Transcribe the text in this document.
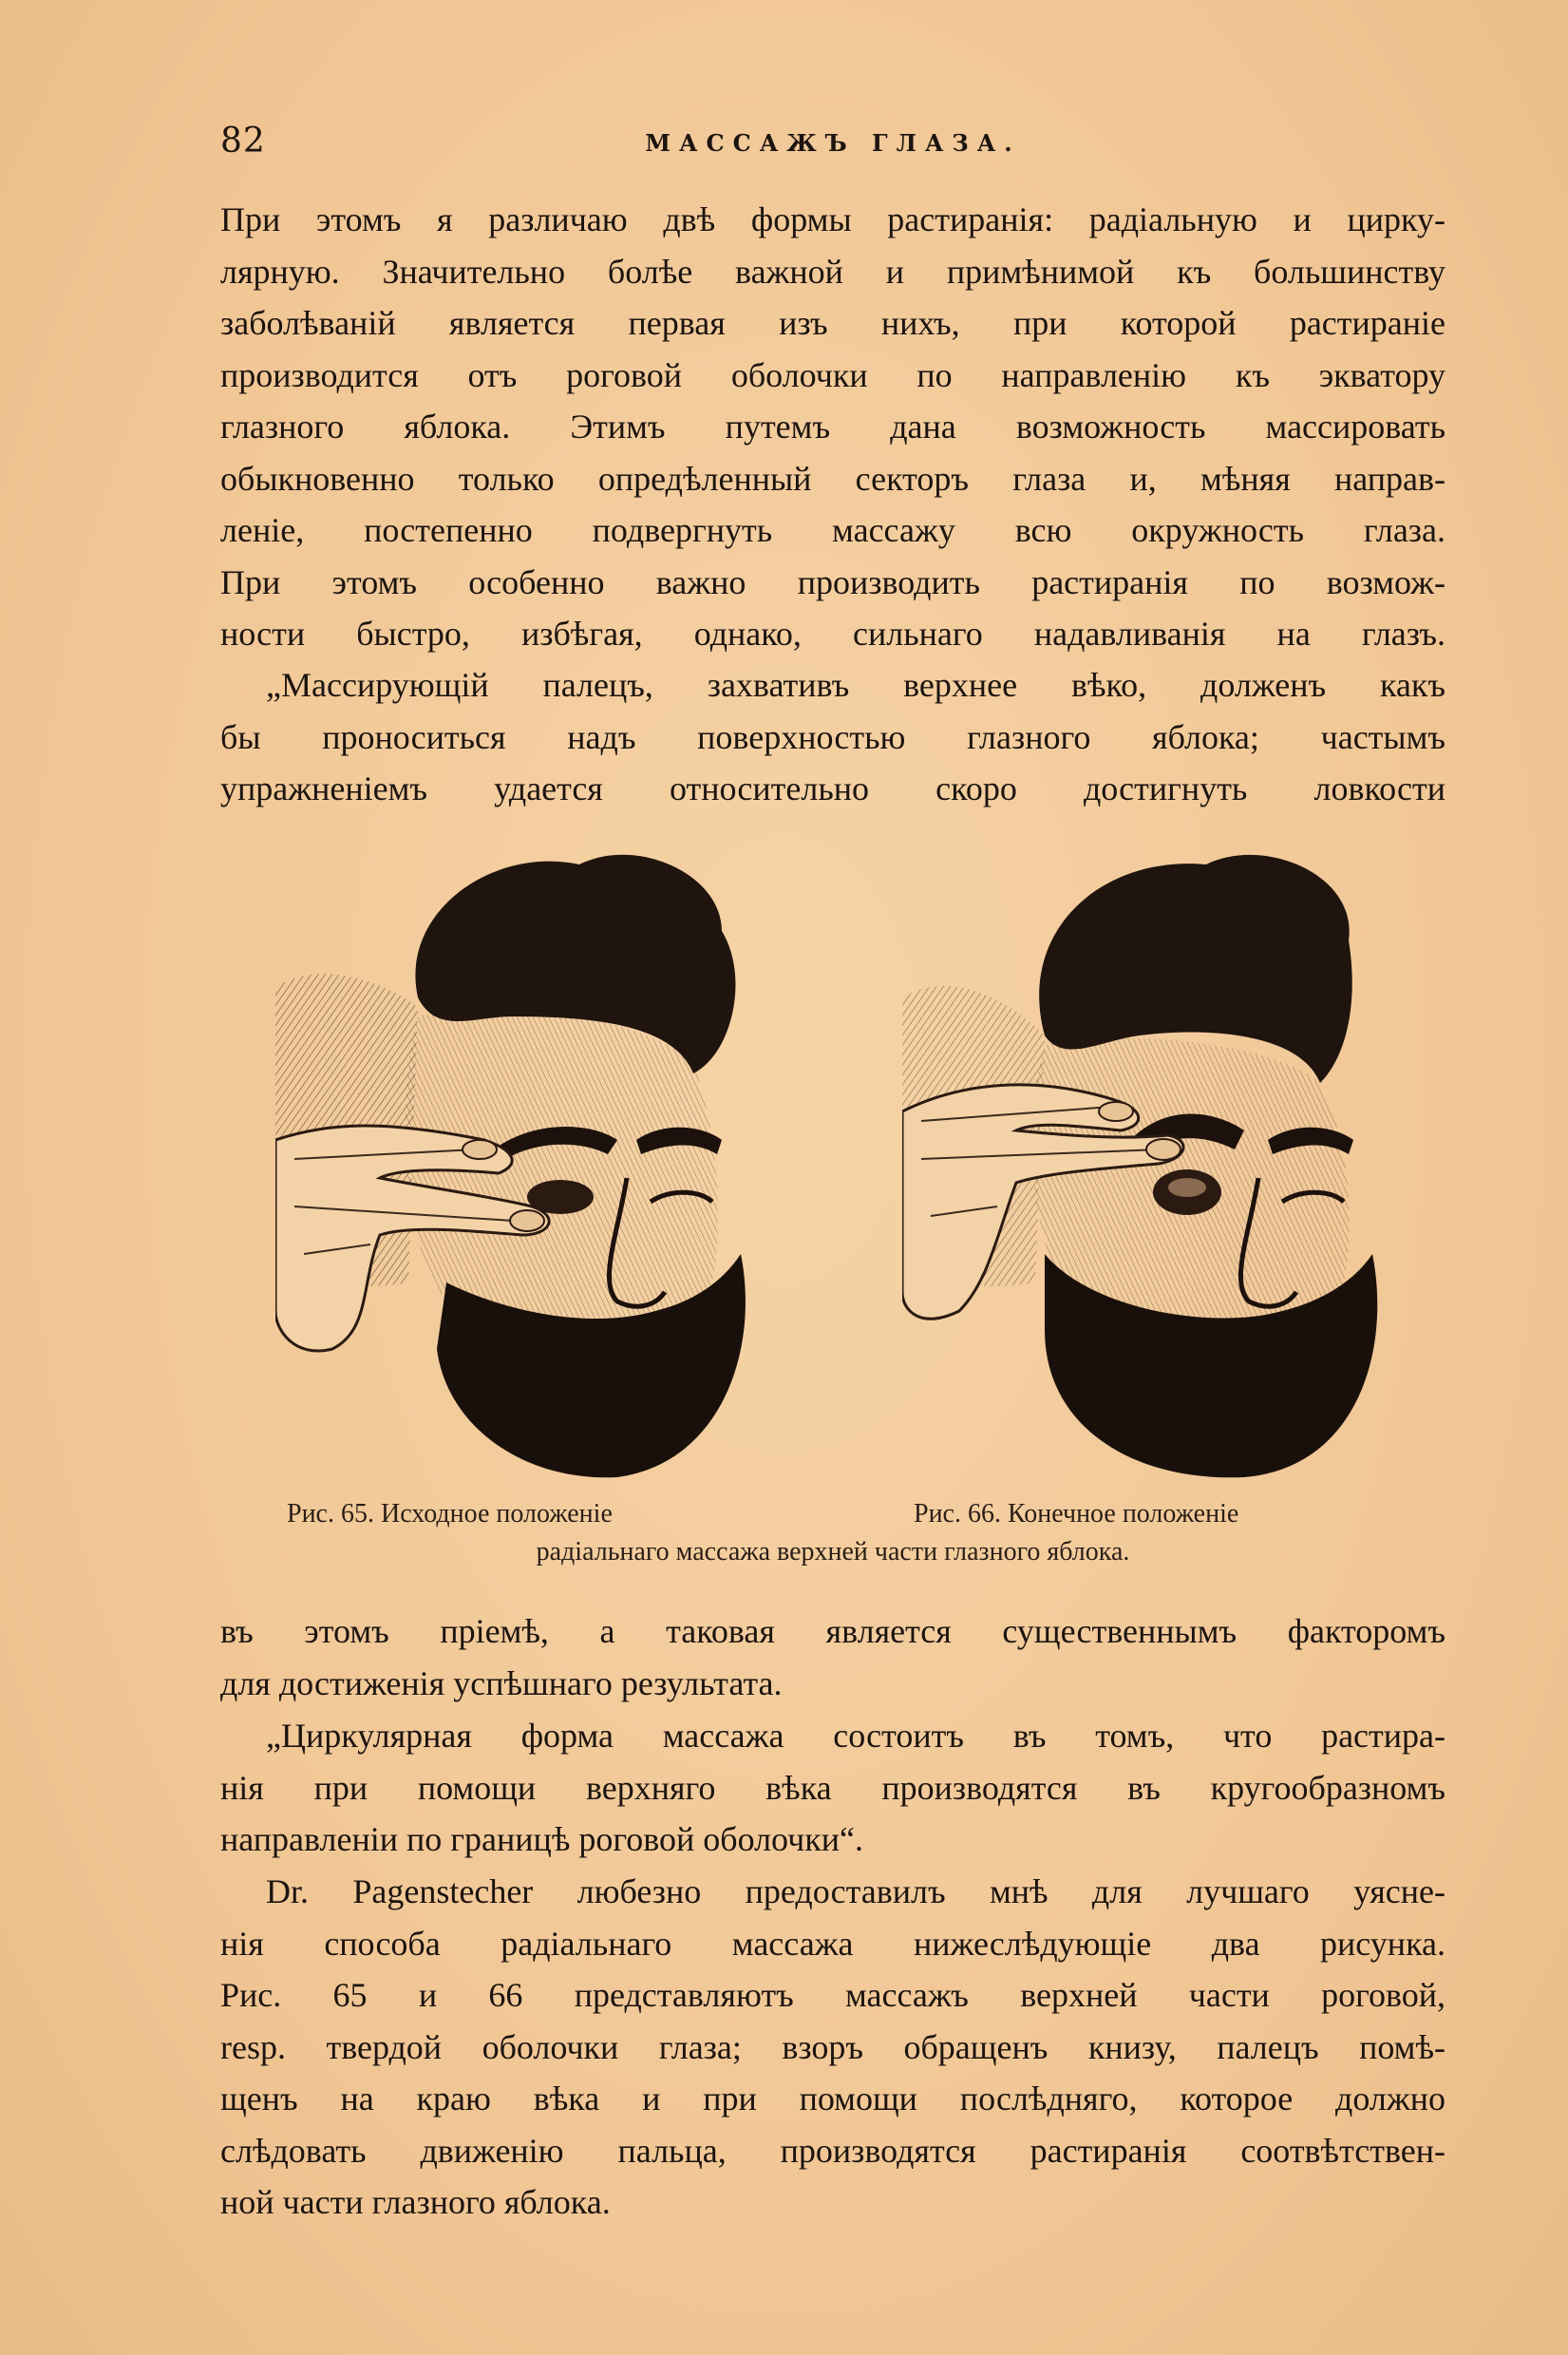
82	МАССАЖЪ ГЛАЗА.
При этомъ я различаю двѣ формы растиранія: радіальную и цирку-
лярную. Значительно болѣе важной и примѣнимой къ большинству
заболѣваній является первая изъ нихъ, при которой растираніе
производится отъ роговой оболочки по направленію къ экватору
глазного яблока. Этимъ путемъ дана возможность массировать
обыкновенно только опредѣленный секторъ глаза и, мѣняя направ-
леніе, постепенно подвергнуть массажу всю окружность глаза.
При этомъ особенно важно производить растиранія по возмож-
ности быстро, избѣгая, однако, сильнаго надавливанія на глазъ.
„Массирующій палецъ, захвативъ верхнее вѣко, долженъ какъ
бы проноситься надъ поверхностью глазного яблока; частымъ
упражненіемъ удается относительно скоро достигнуть ловкости
Рис. 65. Исходное положеніе	Рис. 66. Конечное положеніе
радіальнаго массажа верхней части глазного яблока.
въ этомъ пріемѣ, а таковая является существеннымъ факторомъ
для достиженія успѣшнаго результата.
„Циркулярная форма массажа состоитъ въ томъ, что растира-
нія при помощи верхняго вѣка производятся въ кругообразномъ
направленіи по границѣ роговой оболочки“.
Dr. Pagenstecher любезно предоставилъ мнѣ для лучшаго уясне-
нія способа радіальнаго массажа нижеслѣдующіе два рисунка.
Рис. 65 и 66 представляютъ массажъ верхней части роговой,
resp. твердой оболочки глаза; взоръ обращенъ книзу, палецъ помѣ-
щенъ на краю вѣка и при помощи послѣдняго, которое должно
слѣдовать движенію пальца, производятся растиранія соотвѣтствен-
ной части глазного яблока.
